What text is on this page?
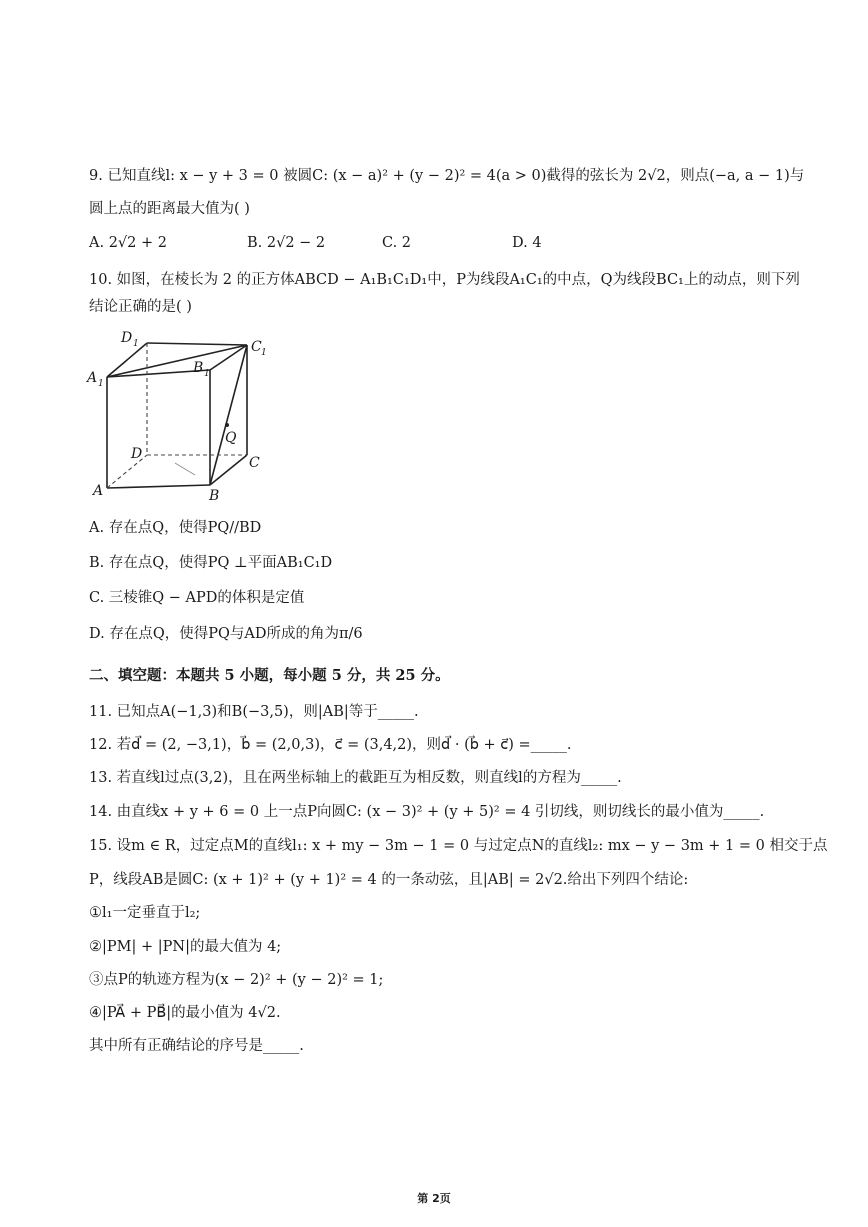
9. 已知直线l: x − y + 3 = 0 被圆C: (x − a)² + (y − 2)² = 4(a > 0)截得的弦长为 2√2，则点(−a, a − 1)与
圆上点的距离最大值为( )
A. 2√2 + 2	B. 2√2 − 2	C. 2	D. 4
10. 如图，在棱长为 2 的正方体ABCD − A₁B₁C₁D₁中，P为线段A₁C₁的中点，Q为线段BC₁上的动点，则下列
结论正确的是( )
D 1	C 1
A 1
B 1
Q
D
C
A	B
A. 存在点Q，使得PQ//BD
B. 存在点Q，使得PQ ⊥平面AB₁C₁D
C. 三棱锥Q − APD的体积是定值
D. 存在点Q，使得PQ与AD所成的角为π/6
二、填空题：本题共 5 小题，每小题 5 分，共 25 分。
11. 已知点A(−1,3)和B(−3,5)，则|AB|等于_____.
12. 若d⃗ = (2, −3,1)，b⃗ = (2,0,3)，c⃗ = (3,4,2)，则d⃗ · (b⃗ + c⃗) =_____.
13. 若直线l过点(3,2)，且在两坐标轴上的截距互为相反数，则直线l的方程为_____.
14. 由直线x + y + 6 = 0 上一点P向圆C: (x − 3)² + (y + 5)² = 4 引切线，则切线长的最小值为_____.
15. 设m ∈ R，过定点M的直线l₁: x + my − 3m − 1 = 0 与过定点N的直线l₂: mx − y − 3m + 1 = 0 相交于点
P，线段AB是圆C: (x + 1)² + (y + 1)² = 4 的一条动弦，且|AB| = 2√2.给出下列四个结论:
①l₁一定垂直于l₂;
②|PM| + |PN|的最大值为 4;
③点P的轨迹方程为(x − 2)² + (y − 2)² = 1;
④|PA⃗ + PB⃗|的最小值为 4√2.
其中所有正确结论的序号是_____.
第 2页
